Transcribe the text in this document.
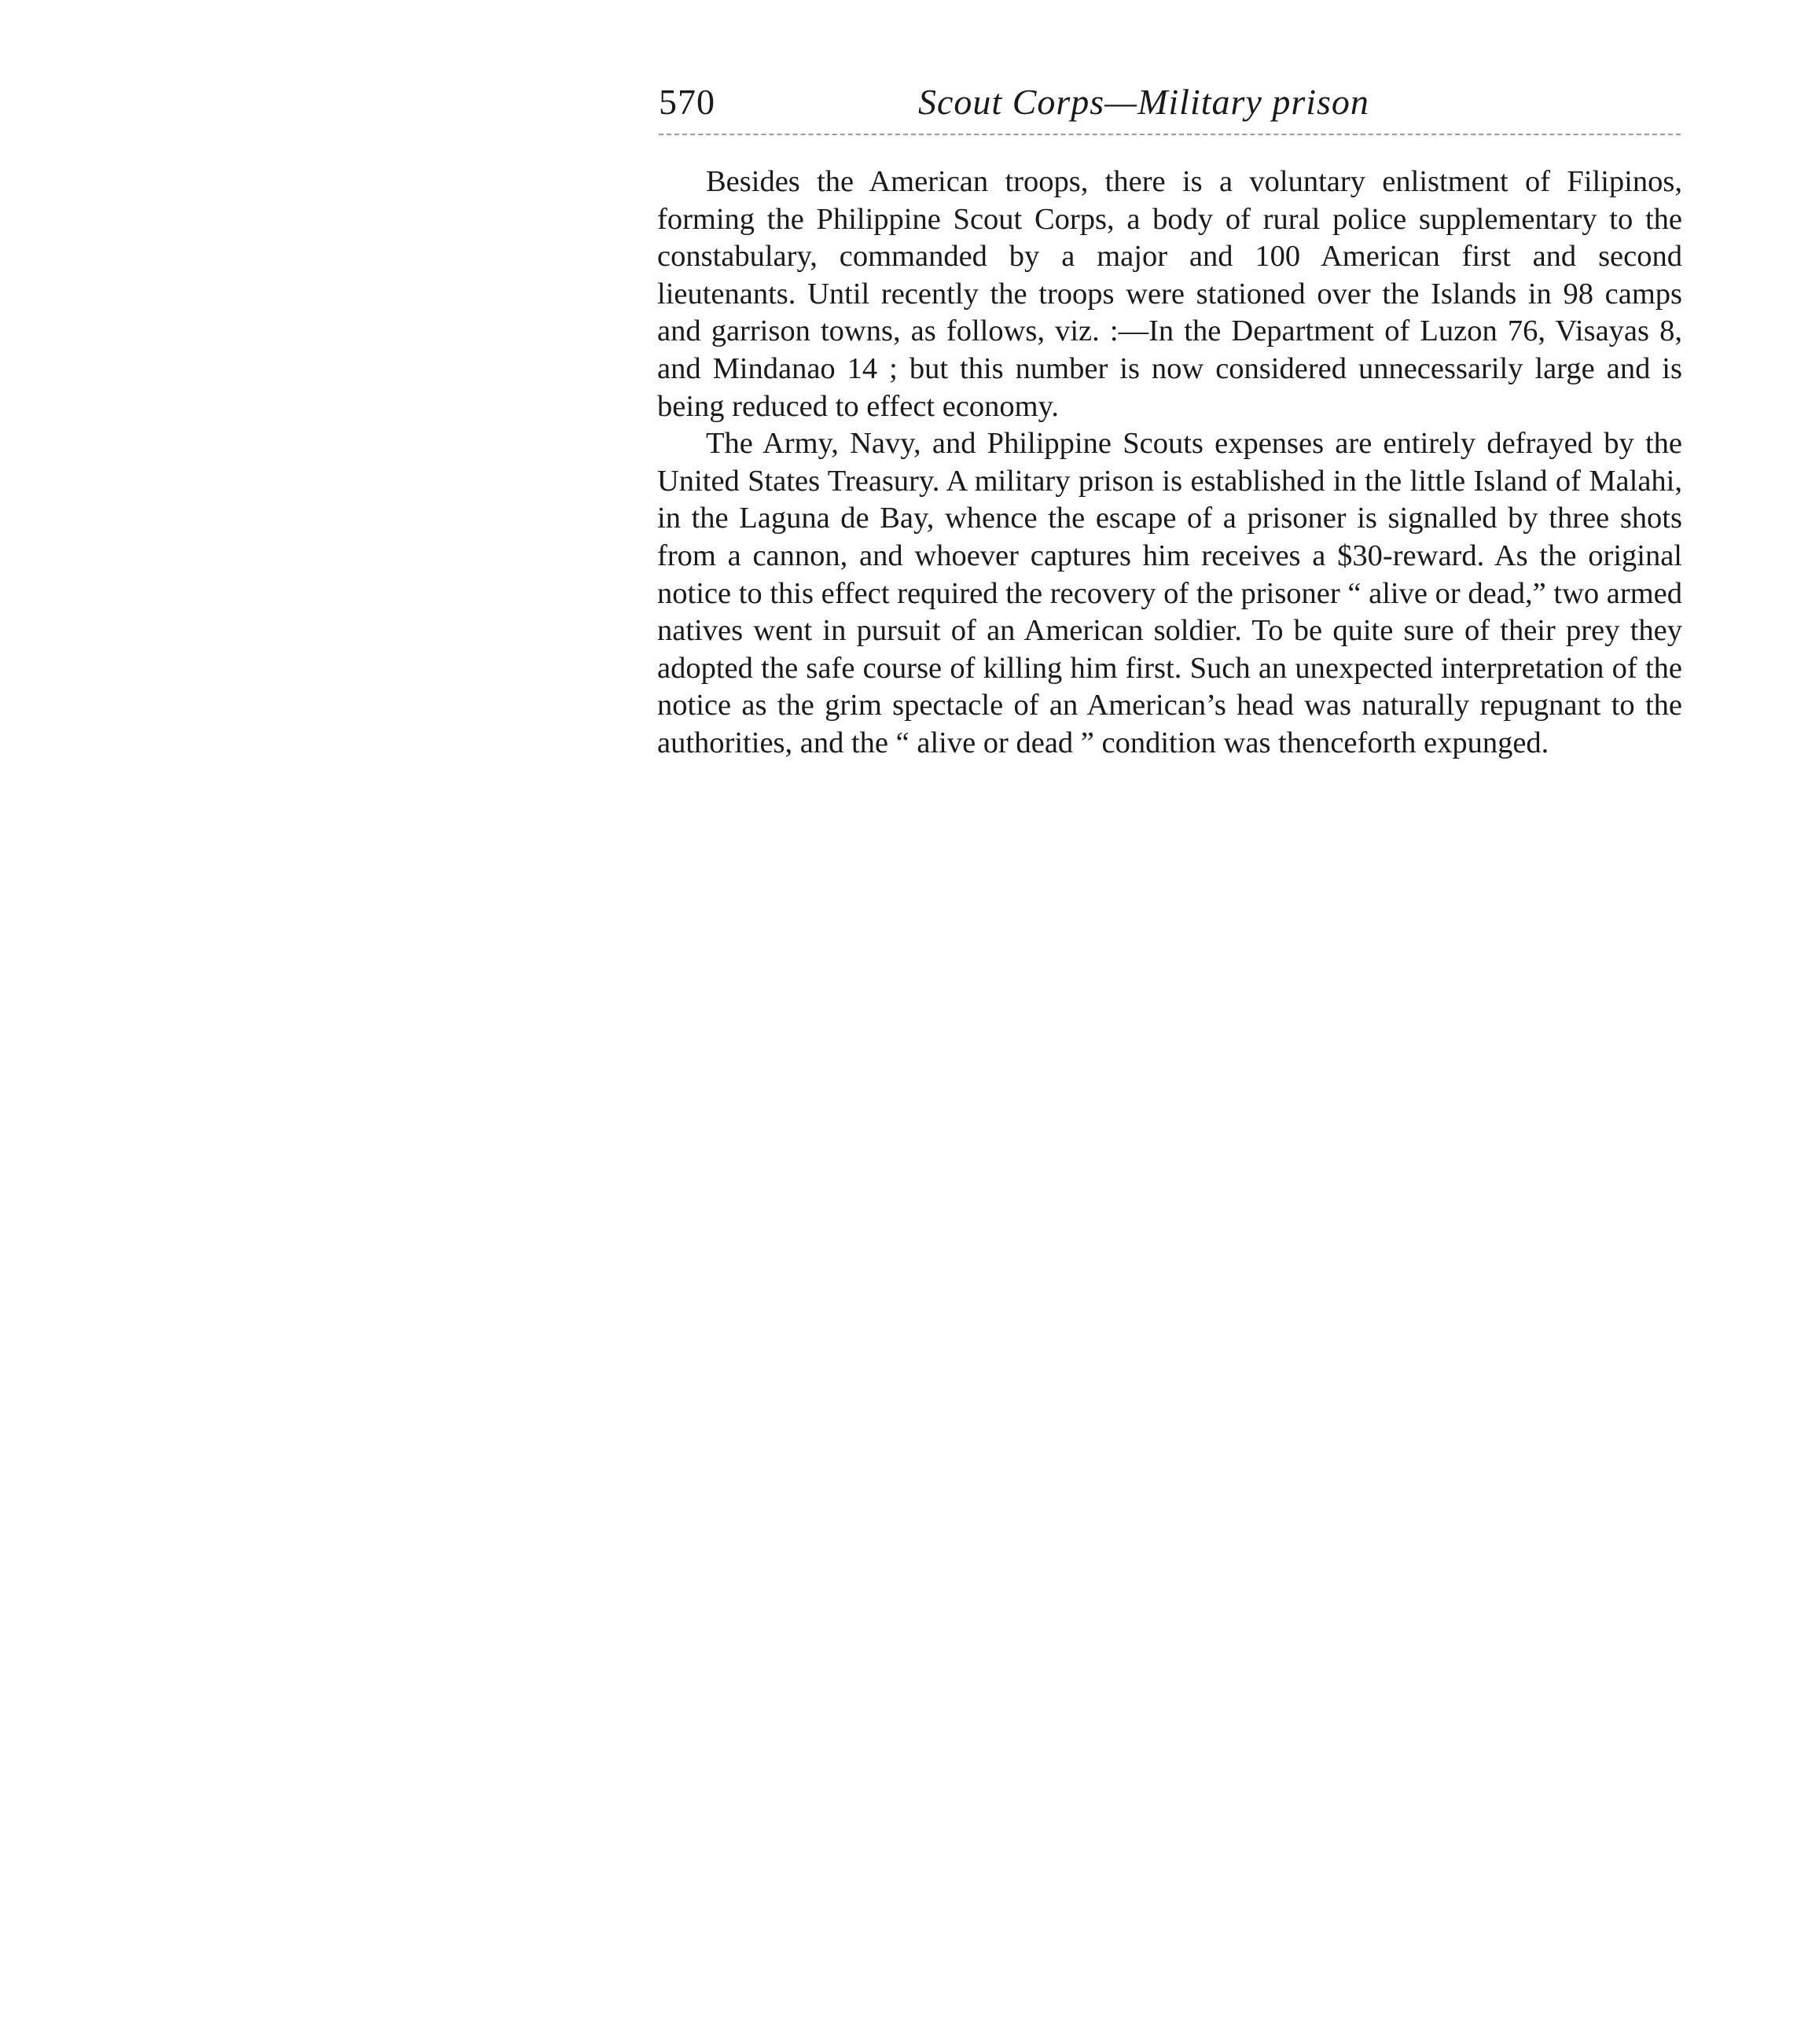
570	Scout Corps—Military prison

Besides the American troops, there is a voluntary enlistment of Filipinos, forming the Philippine Scout Corps, a body of rural police supplementary to the constabulary, commanded by a major and 100 American first and second lieutenants. Until recently the troops were stationed over the Islands in 98 camps and garrison towns, as follows, viz. :—In the Department of Luzon 76, Visayas 8, and Mindanao 14 ; but this number is now considered unnecessarily large and is being reduced to effect economy.

The Army, Navy, and Philippine Scouts expenses are entirely defrayed by the United States Treasury. A military prison is established in the little Island of Malahi, in the Laguna de Bay, whence the escape of a prisoner is signalled by three shots from a cannon, and whoever captures him receives a $30-reward. As the original notice to this effect required the recovery of the prisoner “ alive or dead,” two armed natives went in pursuit of an American soldier. To be quite sure of their prey they adopted the safe course of killing him first. Such an unexpected interpretation of the notice as the grim spectacle of an American’s head was naturally repugnant to the authorities, and the “ alive or dead ” condition was thenceforth expunged.
